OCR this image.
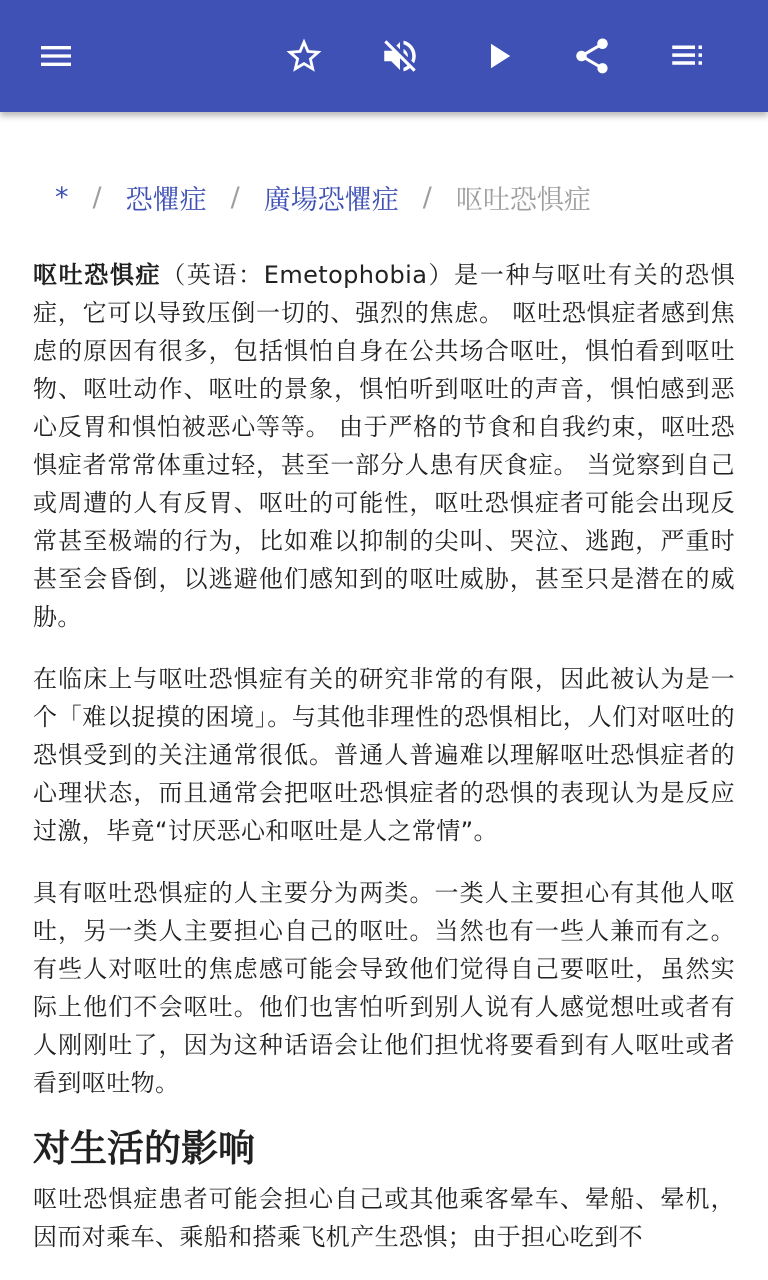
* / 恐懼症 / 廣場恐懼症 / 呕吐恐惧症

呕吐恐惧症（英语：Emetophobia）是一种与呕吐有关的恐惧症，它可以导致压倒一切的、强烈的焦虑。 呕吐恐惧症者感到焦虑的原因有很多，包括惧怕自身在公共场合呕吐，惧怕看到呕吐物、呕吐动作、呕吐的景象，惧怕听到呕吐的声音，惧怕感到恶心反胃和惧怕被恶心等等。 由于严格的节食和自我约束，呕吐恐惧症者常常体重过轻，甚至一部分人患有厌食症。 当觉察到自己或周遭的人有反胃、呕吐的可能性，呕吐恐惧症者可能会出现反常甚至极端的行为，比如难以抑制的尖叫、哭泣、逃跑，严重时甚至会昏倒，以逃避他们感知到的呕吐威胁，甚至只是潜在的威胁。

在临床上与呕吐恐惧症有关的研究非常的有限，因此被认为是一个「难以捉摸的困境」。与其他非理性的恐惧相比，人们对呕吐的恐惧受到的关注通常很低。普通人普遍难以理解呕吐恐惧症者的心理状态，而且通常会把呕吐恐惧症者的恐惧的表现认为是反应过激，毕竟“讨厌恶心和呕吐是人之常情”。

具有呕吐恐惧症的人主要分为两类。一类人主要担心有其他人呕吐，另一类人主要担心自己的呕吐。当然也有一些人兼而有之。有些人对呕吐的焦虑感可能会导致他们觉得自己要呕吐，虽然实际上他们不会呕吐。他们也害怕听到别人说有人感觉想吐或者有人刚刚吐了，因为这种话语会让他们担忧将要看到有人呕吐或者看到呕吐物。

对生活的影响

呕吐恐惧症患者可能会担心自己或其他乘客晕车、晕船、晕机，因而对乘车、乘船和搭乘飞机产生恐惧；由于担心吃到不
